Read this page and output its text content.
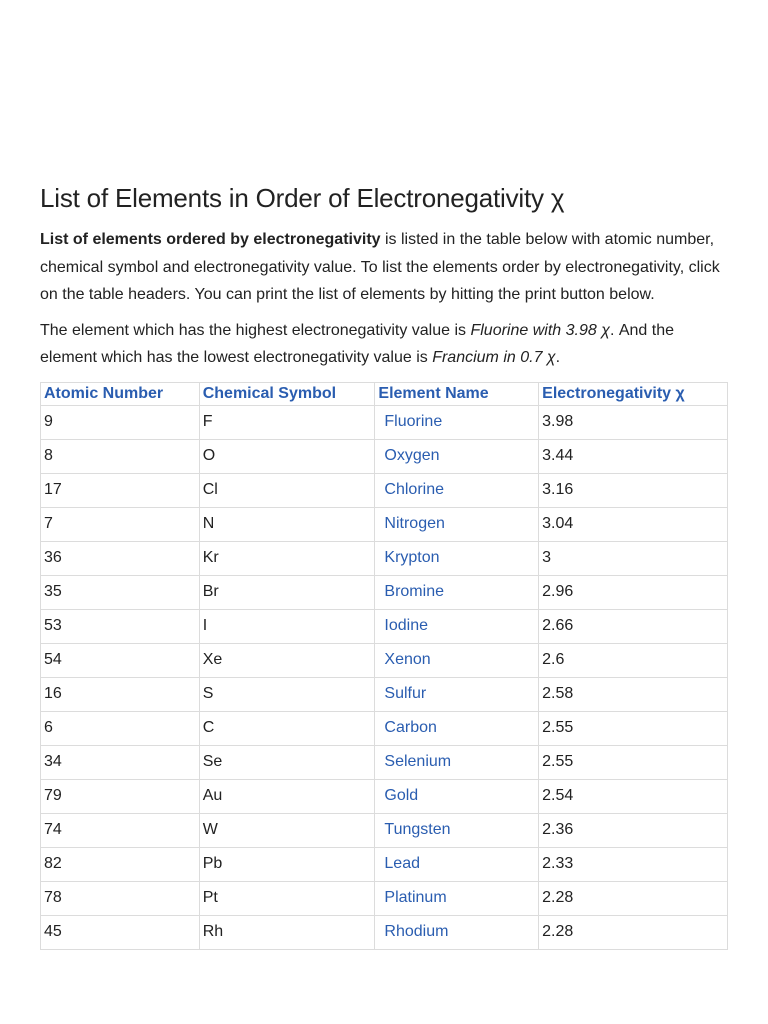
List of Elements in Order of Electronegativity χ

List of elements ordered by electronegativity is listed in the table below with atomic number, chemical symbol and electronegativity value. To list the elements order by electronegativity, click on the table headers. You can print the list of elements by hitting the print button below.

The element which has the highest electronegativity value is Fluorine with 3.98 χ. And the element which has the lowest electronegativity value is Francium in 0.7 χ.

Atomic Number	Chemical Symbol	Element Name	Electronegativity χ
9	F	Fluorine	3.98
8	O	Oxygen	3.44
17	Cl	Chlorine	3.16
7	N	Nitrogen	3.04
36	Kr	Krypton	3
35	Br	Bromine	2.96
53	I	Iodine	2.66
54	Xe	Xenon	2.6
16	S	Sulfur	2.58
6	C	Carbon	2.55
34	Se	Selenium	2.55
79	Au	Gold	2.54
74	W	Tungsten	2.36
82	Pb	Lead	2.33
78	Pt	Platinum	2.28
45	Rh	Rhodium	2.28
